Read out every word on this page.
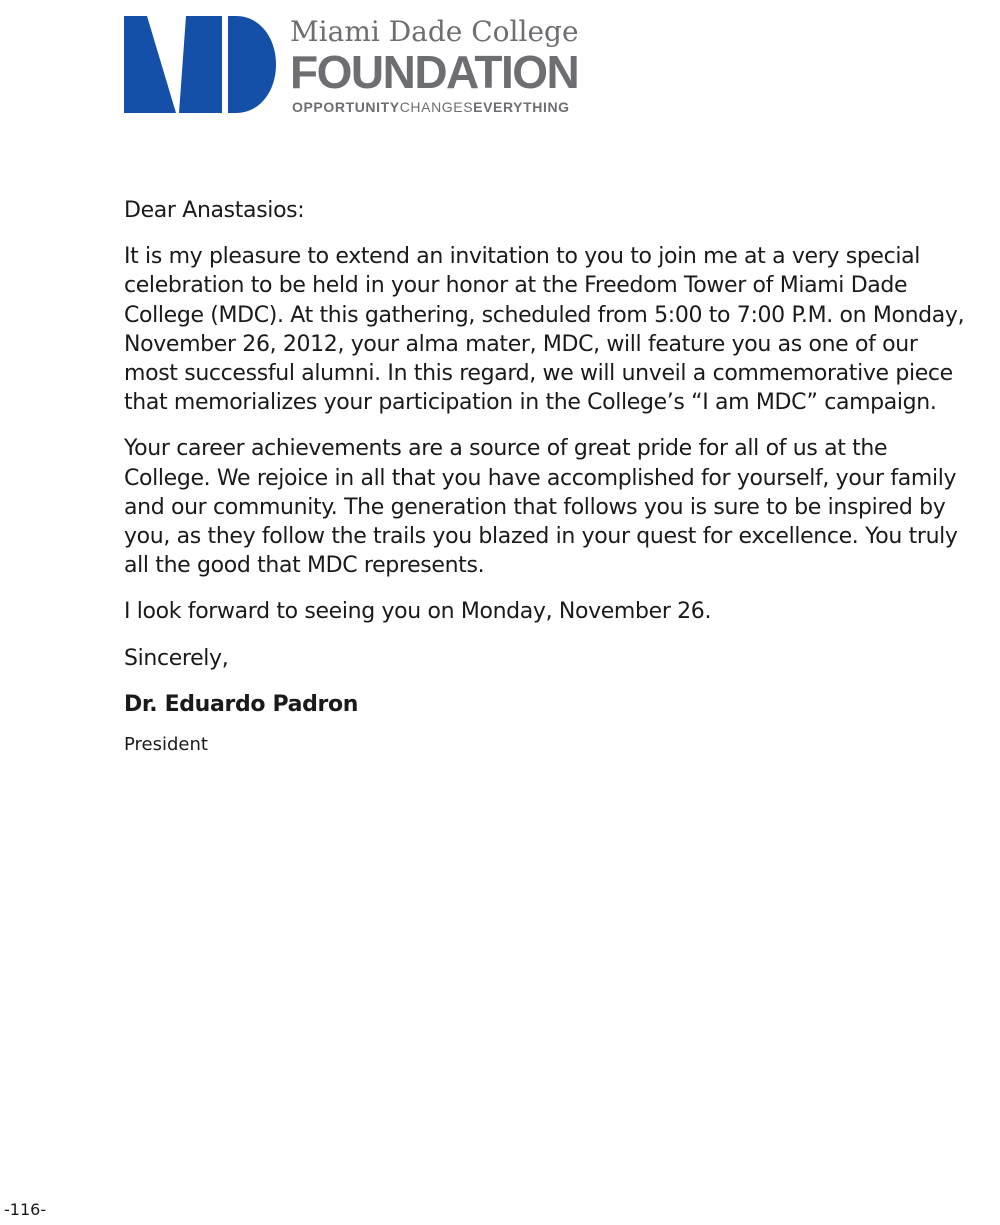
Miami Dade College
FOUNDATION
OPPORTUNITYCHANGESEVERYTHING

Dear Anastasios:

It is my pleasure to extend an invitation to you to join me at a very special celebration to be held in your honor at the Freedom Tower of Miami Dade College (MDC). At this gathering, scheduled from 5:00 to 7:00 P.M. on Monday, November 26, 2012, your alma mater, MDC, will feature you as one of our most successful alumni. In this regard, we will unveil a commemorative piece that memorializes your participation in the College’s “I am MDC” campaign.

Your career achievements are a source of great pride for all of us at the College. We rejoice in all that you have accomplished for yourself, your family and our community. The generation that follows you is sure to be inspired by you, as they follow the trails you blazed in your quest for excellence. You truly all the good that MDC represents.

I look forward to seeing you on Monday, November 26.

Sincerely,

Dr. Eduardo Padron

President

-116-
